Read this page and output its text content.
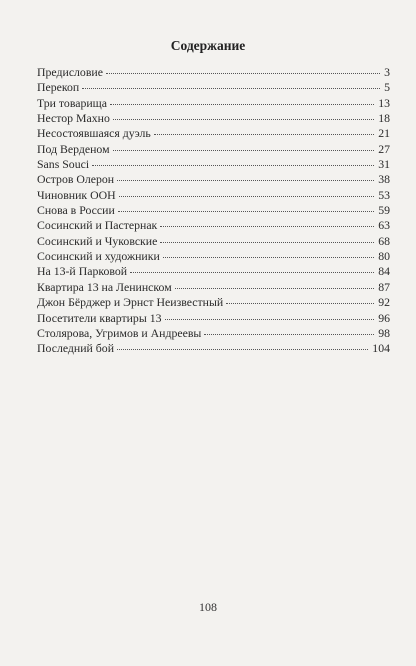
Содержание
Предисловие	3
Перекоп	5
Три товарища	13
Нестор Махно	18
Несостоявшаяся дуэль	21
Под Верденом	27
Sans Souci	31
Остров Олерон	38
Чиновник ООН	53
Снова в России	59
Сосинский и Пастернак	63
Сосинский и Чуковские	68
Сосинский и художники	80
На 13-й Парковой	84
Квартира 13 на Ленинском	87
Джон Бёрджер и Эрнст Неизвестный	92
Посетители квартиры 13	96
Столярова, Угримов и Андреевы	98
Последний бой	104
108
